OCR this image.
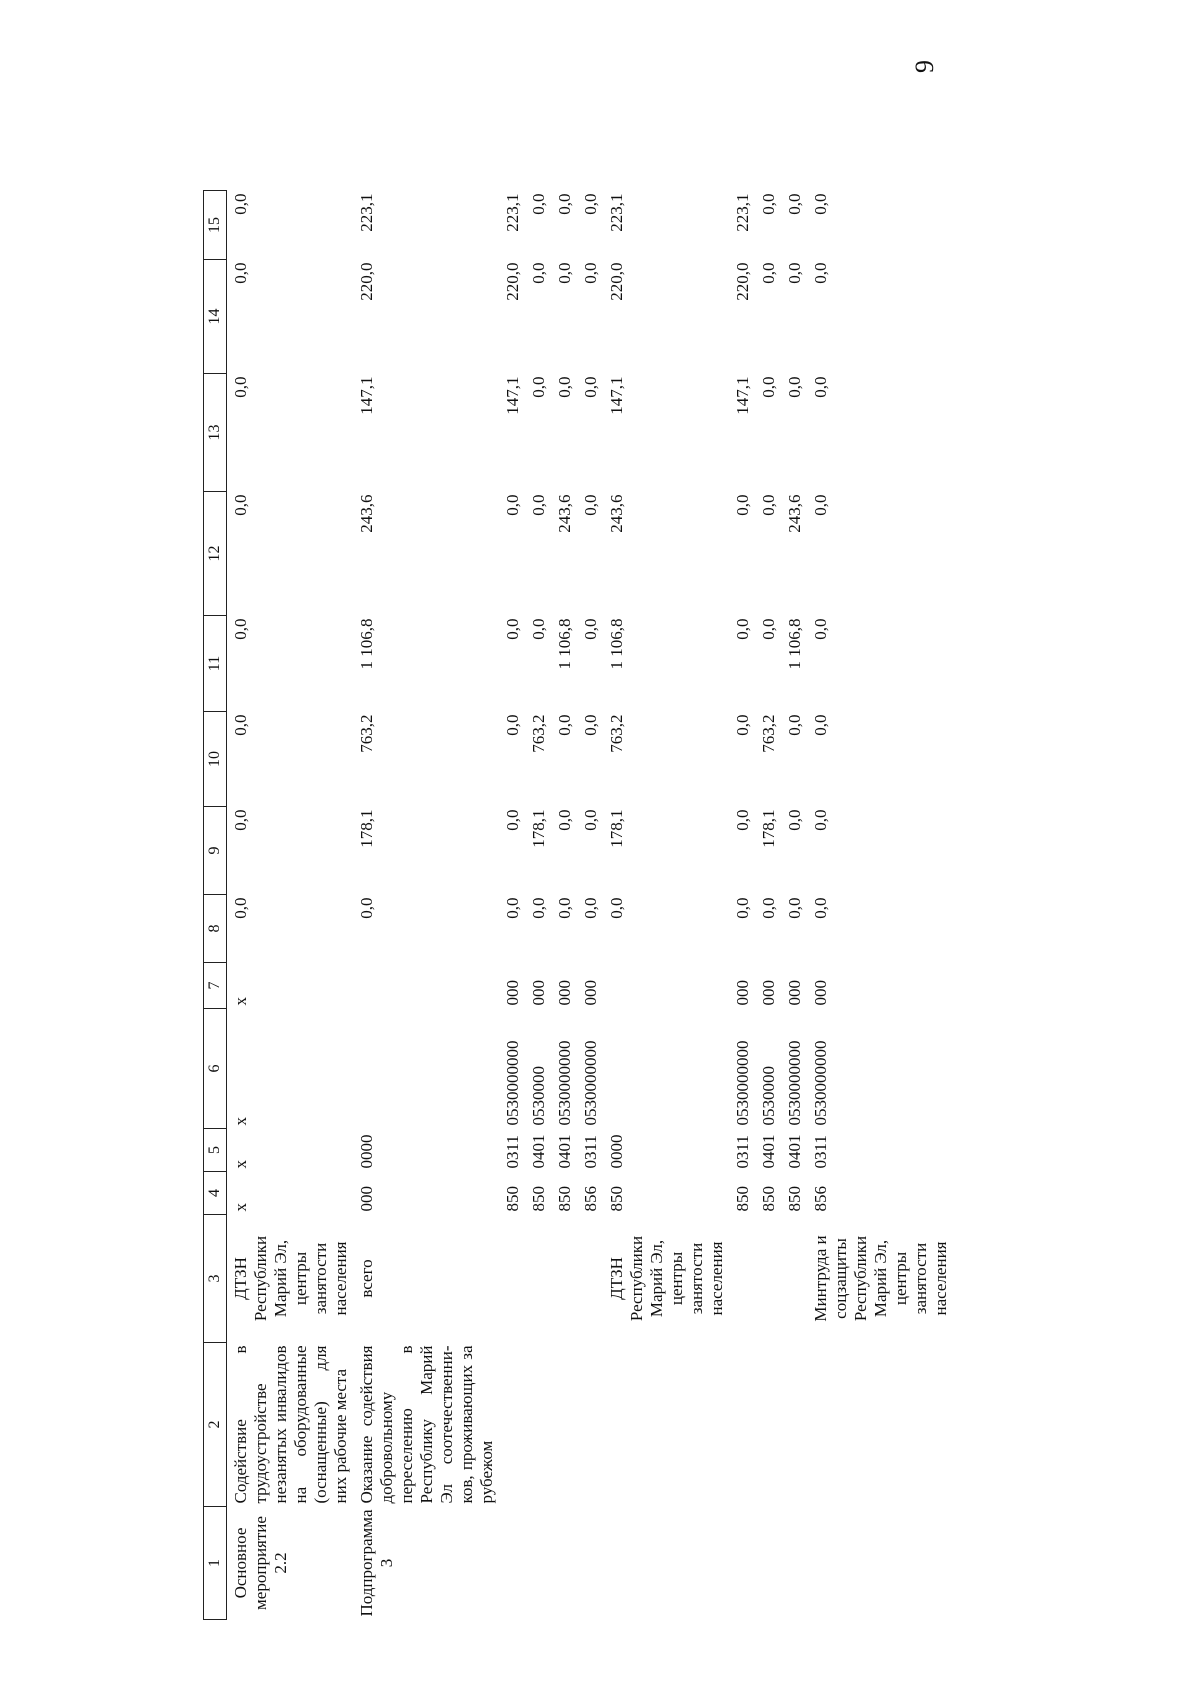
9
1	2	3	4	5	6	7	8	9	10	11	12	13	14	15
Основное мероприятие 2.2	Содействие в трудоустройстве незанятых инвалидов на оборудованные (оснащенные) для них рабочие места	ДТЗН Республики Марий Эл, центры занятости населения	x	x	x	x	0,0	0,0	0,0	0,0	0,0	0,0	0,0	0,0
Подпрограмма 3	Оказание содействия добровольному переселению в Республику Марий Эл соотечественни-ков, проживающих за рубежом	всего	000	0000			0,0	178,1	763,2	1 106,8	243,6	147,1	220,0	223,1
			850	0311	0530000000	000	0,0	0,0	0,0	0,0	0,0	147,1	220,0	223,1
			850	0401	0530000	000	0,0	178,1	763,2	0,0	0,0	0,0	0,0	0,0
			850	0401	0530000000	000	0,0	0,0	0,0	1 106,8	243,6	0,0	0,0	0,0
			856	0311	0530000000	000	0,0	0,0	0,0	0,0	0,0	0,0	0,0	0,0
		ДТЗН Республики Марий Эл, центры занятости населения	850	0000			0,0	178,1	763,2	1 106,8	243,6	147,1	220,0	223,1
			850	0311	0530000000	000	0,0	0,0	0,0	0,0	0,0	147,1	220,0	223,1
			850	0401	0530000	000	0,0	178,1	763,2	0,0	0,0	0,0	0,0	0,0
			850	0401	0530000000	000	0,0	0,0	0,0	1 106,8	243,6	0,0	0,0	0,0
		Минтруда и соцзащиты Республики Марий Эл, центры занятости населения	856	0311	0530000000	000	0,0	0,0	0,0	0,0	0,0	0,0	0,0	0,0
